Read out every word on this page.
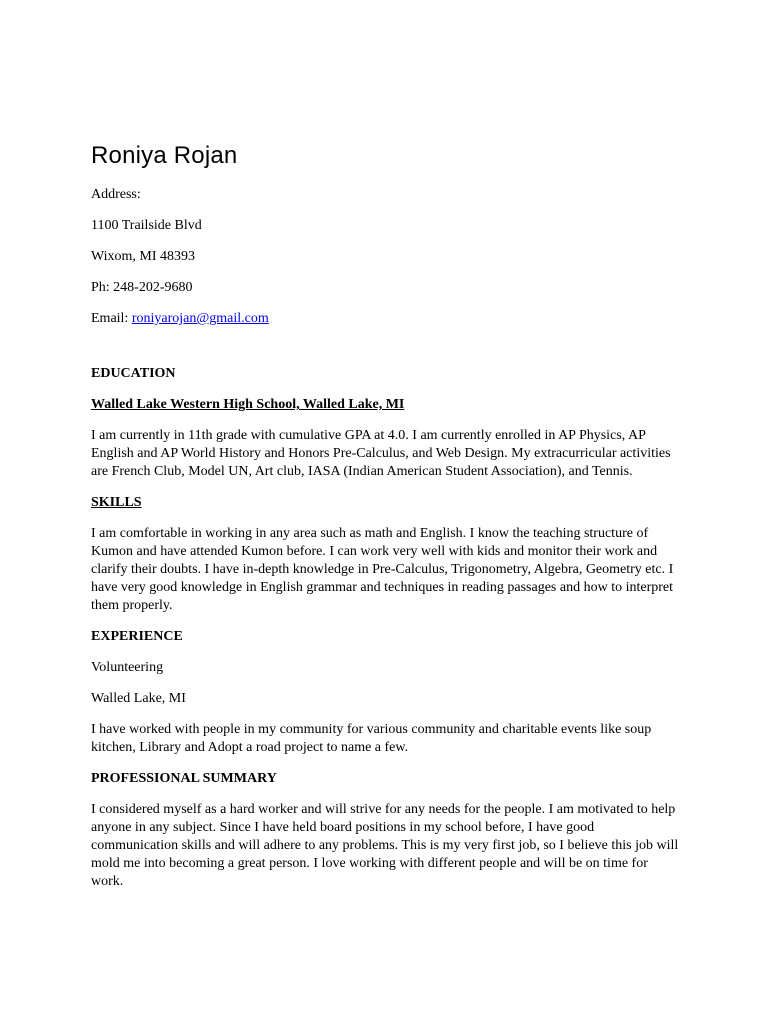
Roniya Rojan
Address:
1100 Trailside Blvd
Wixom, MI 48393
Ph: 248-202-9680
Email: roniyarojan@gmail.com
EDUCATION
Walled Lake Western High School, Walled Lake, MI
I am currently in 11th grade with cumulative GPA at 4.0. I am currently enrolled in AP Physics, AP English and AP World History and Honors Pre-Calculus, and Web Design. My extracurricular activities are French Club, Model UN, Art club, IASA (Indian American Student Association), and Tennis.
SKILLS
I am comfortable in working in any area such as math and English. I know the teaching structure of Kumon and have attended Kumon before. I can work very well with kids and monitor their work and clarify their doubts. I have in-depth knowledge in Pre-Calculus, Trigonometry, Algebra, Geometry etc. I have very good knowledge in English grammar and techniques in reading passages and how to interpret them properly.
EXPERIENCE
Volunteering
Walled Lake, MI
I have worked with people in my community for various community and charitable events like soup kitchen, Library and Adopt a road project to name a few.
PROFESSIONAL SUMMARY
I considered myself as a hard worker and will strive for any needs for the people. I am motivated to help anyone in any subject. Since I have held board positions in my school before, I have good communication skills and will adhere to any problems. This is my very first job, so I believe this job will mold me into becoming a great person. I love working with different people and will be on time for work.
